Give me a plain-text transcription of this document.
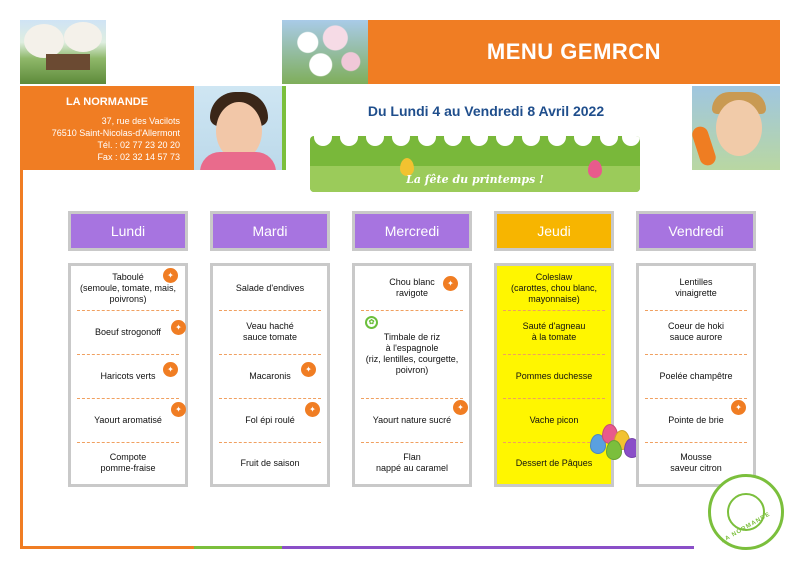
MENU GEMRCN
LA NORMANDE
37, rue des Vacilots
76510 Saint-Nicolas-d'Allermont
Tél. : 02 77 23 20 20
Fax : 02 32 14 57 73
Du Lundi 4 au Vendredi 8 Avril 2022
La fête du printemps !
Lundi
Taboulé
(semoule, tomate, mais,
poivrons)
Boeuf strogonoff
Haricots verts
Yaourt aromatisé
Compote
pomme-fraise
✦
✦
✦
✦
Mardi
Salade d'endives
Veau haché
sauce tomate
Macaronis
Fol épi roulé
Fruit de saison
✦
✦
Mercredi
Chou blanc
ravigote
Timbale de riz
à l'espagnole
(riz, lentilles, courgette,
poivron)
Yaourt nature sucré
Flan
nappé au caramel
✦
✿
✦
Jeudi
Coleslaw
(carottes, chou blanc,
mayonnaise)
Sauté d'agneau
à la tomate
Pommes duchesse
Vache picon
Dessert de Pâques
Vendredi
Lentilles
vinaigrette
Coeur de hoki
sauce aurore
Poelée champêtre
Pointe de brie
Mousse
saveur citron
✦
LA NORMANDE
